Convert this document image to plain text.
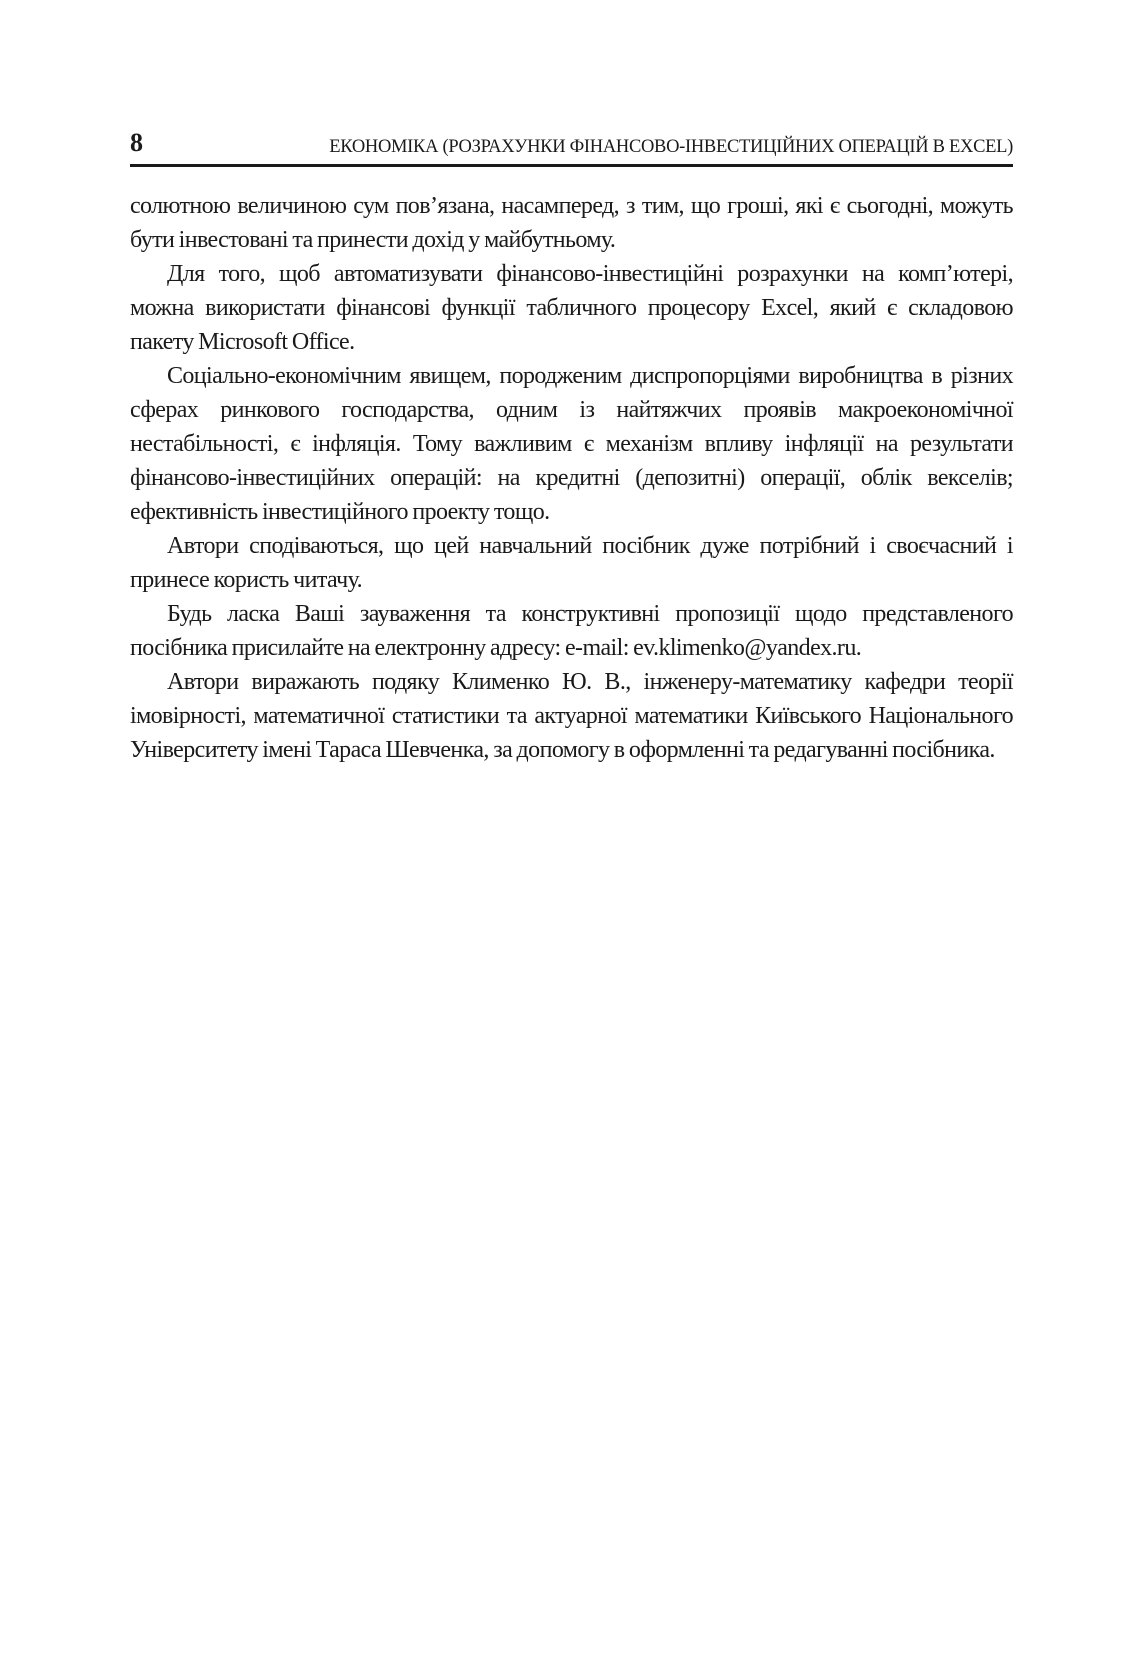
8	ЕКОНОМІКА (РОЗРАХУНКИ ФІНАНСОВО-ІНВЕСТИЦІЙНИХ ОПЕРАЦІЙ В EXCEL)

солютною величиною сум пов’язана, насамперед, з тим, що гроші, які є сьогодні, можуть бути інвестовані та принести дохід у майбутньому.

Для того, щоб автоматизувати фінансово-інвестиційні розрахунки на комп’ютері, можна використати фінансові функції табличного процесору Excel, який є складовою пакету Microsoft Office.

Соціально-економічним явищем, породженим диспропорціями виробництва в різних сферах ринкового господарства, одним із найтяжчих проявів макроекономічної нестабільності, є інфляція. Тому важливим є механізм впливу інфляції на результати фінансово-інвестиційних операцій: на кредитні (депозитні) операції, облік векселів; ефективність інвестиційного проекту тощо.

Автори сподіваються, що цей навчальний посібник дуже потрібний і своєчасний і принесе користь читачу.

Будь ласка Ваші зауваження та конструктивні пропозиції щодо представленого посібника присилайте на електронну адресу: e-mail: ev.klimenko@yandex.ru.

Автори виражають подяку Клименко Ю. В., інженеру-математику кафедри теорії імовірності, математичної статистики та актуарної математики Київського Національного Університету імені Тараса Шевченка, за допомогу в оформленні та редагуванні посібника.
